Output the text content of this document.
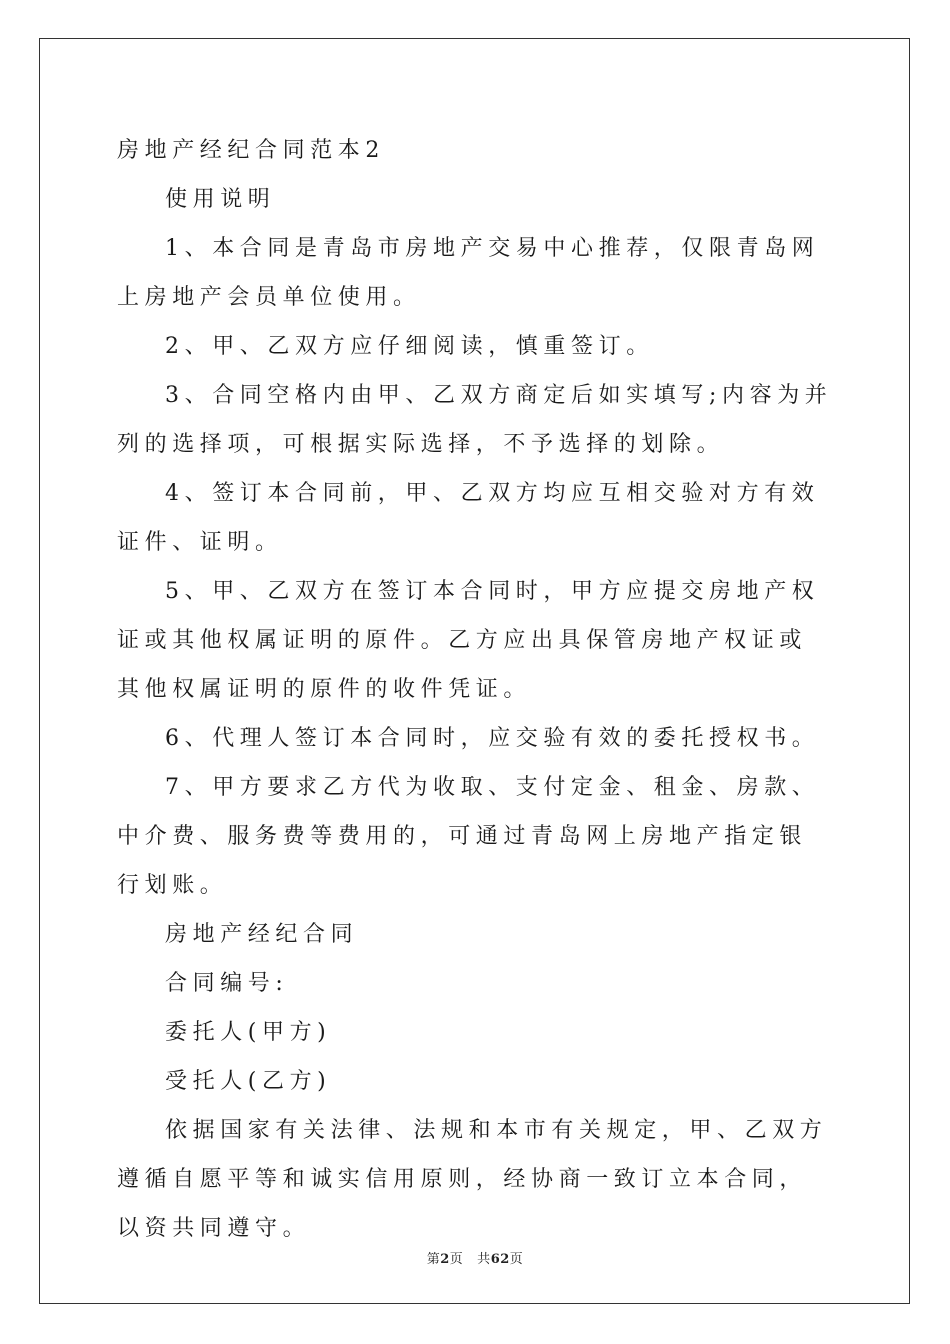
房地产经纪合同范本2

使用说明

1、本合同是青岛市房地产交易中心推荐，仅限青岛网上房地产会员单位使用。

2、甲、乙双方应仔细阅读，慎重签订。

3、合同空格内由甲、乙双方商定后如实填写;内容为并列的选择项，可根据实际选择，不予选择的划除。

4、签订本合同前，甲、乙双方均应互相交验对方有效证件、证明。

5、甲、乙双方在签订本合同时，甲方应提交房地产权证或其他权属证明的原件。乙方应出具保管房地产权证或其他权属证明的原件的收件凭证。

6、代理人签订本合同时，应交验有效的委托授权书。

7、甲方要求乙方代为收取、支付定金、租金、房款、中介费、服务费等费用的，可通过青岛网上房地产指定银行划账。

房地产经纪合同

合同编号:

委托人(甲方)

受托人(乙方)

依据国家有关法律、法规和本市有关规定，甲、乙双方遵循自愿平等和诚实信用原则，经协商一致订立本合同，以资共同遵守。

第2页 共62页
